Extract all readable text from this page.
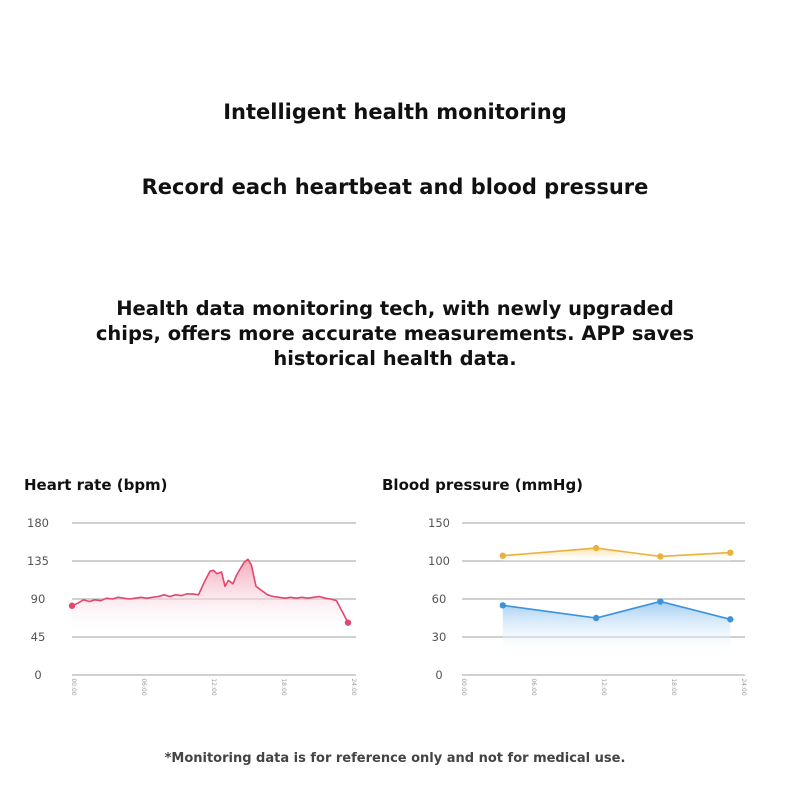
Intelligent health monitoring

Record each heartbeat and blood pressure

Health data monitoring tech, with newly upgraded chips, offers more accurate measurements. APP saves historical health data.

Heart rate (bpm)	Blood pressure (mmHg)

0
45
90
135
180
00:00	06:00	12:00	18:00	24:00
0
30
60
100
150
00:00	06:00	12:00	18:00	24:00

*Monitoring data is for reference only and not for medical use.
